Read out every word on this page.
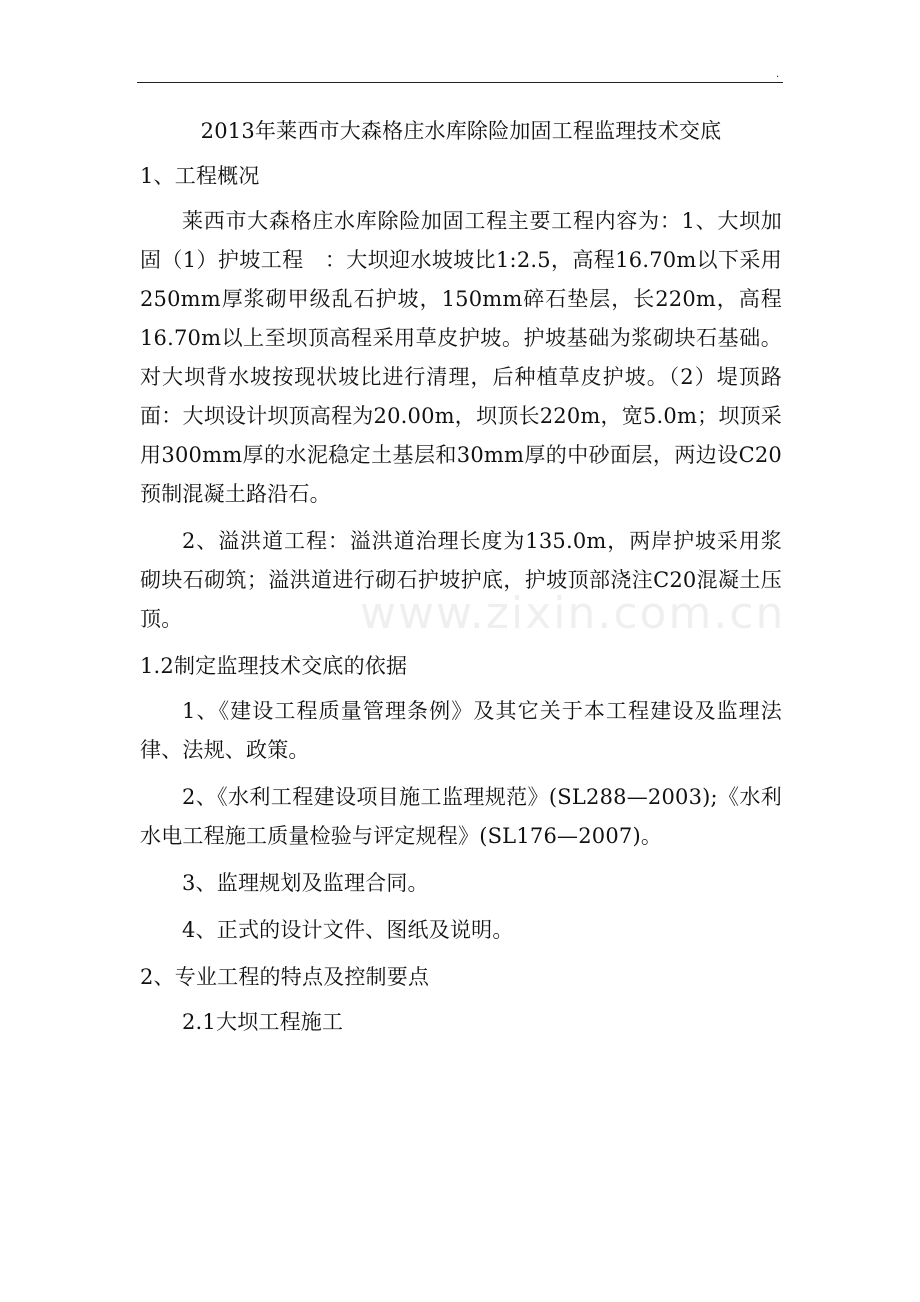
.
www.zixin.com.cn
2013年莱西市大森格庄水库除险加固工程监理技术交底
1、工程概况
莱西市大森格庄水库除险加固工程主要工程内容为：1、大坝加固（1）护坡工程　：大坝迎水坡坡比1:2.5，高程16.70m以下采用250mm厚浆砌甲级乱石护坡，150mm碎石垫层，长220m，高程16.70m以上至坝顶高程采用草皮护坡。护坡基础为浆砌块石基础。对大坝背水坡按现状坡比进行清理，后种植草皮护坡。（2）堤顶路面：大坝设计坝顶高程为20.00m，坝顶长220m，宽5.0m；坝顶采用300mm厚的水泥稳定土基层和30mm厚的中砂面层，两边设C20预制混凝土路沿石。
2、溢洪道工程：溢洪道治理长度为135.0m，两岸护坡采用浆砌块石砌筑；溢洪道进行砌石护坡护底，护坡顶部浇注C20混凝土压顶。
1.2制定监理技术交底的依据
1、《建设工程质量管理条例》及其它关于本工程建设及监理法律、法规、政策。
2、《水利工程建设项目施工监理规范》(SL288—2003);《水利水电工程施工质量检验与评定规程》(SL176—2007)。
3、监理规划及监理合同。
4、正式的设计文件、图纸及说明。
2、专业工程的特点及控制要点
2.1大坝工程施工
